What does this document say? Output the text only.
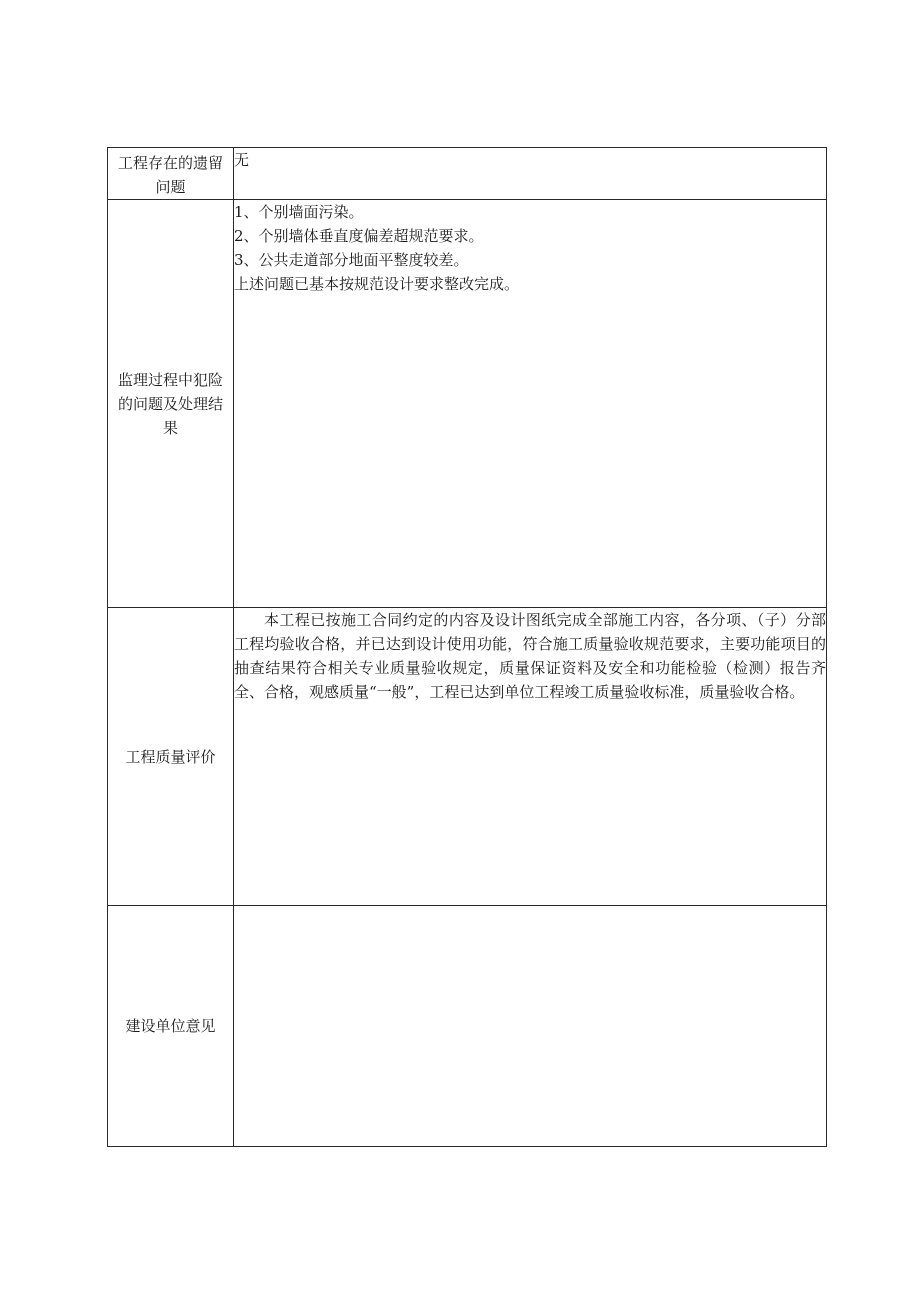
工程存在的遗留问题	无

监理过程中犯险的问题及处理结果	1、个别墙面污染。

2、个别墙体垂直度偏差超规范要求。

3、公共走道部分地面平整度较差。

上述问题已基本按规范设计要求整改完成。

工程质量评价	本工程已按施工合同约定的内容及设计图纸完成全部施工内容，各分项、（子）分部工程均验收合格，并已达到设计使用功能，符合施工质量验收规范要求，主要功能项目的抽查结果符合相关专业质量验收规定，质量保证资料及安全和功能检验（检测）报告齐全、合格，观感质量“一般”，工程已达到单位工程竣工质量验收标准，质量验收合格。

建设单位意见	
